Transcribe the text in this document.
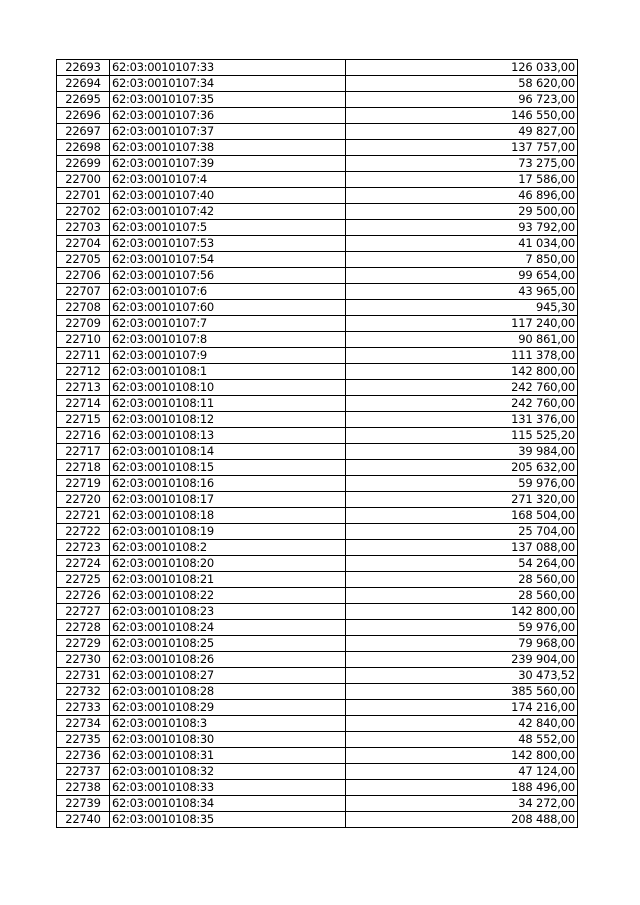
22693	62:03:0010107:33	126 033,00
22694	62:03:0010107:34	58 620,00
22695	62:03:0010107:35	96 723,00
22696	62:03:0010107:36	146 550,00
22697	62:03:0010107:37	49 827,00
22698	62:03:0010107:38	137 757,00
22699	62:03:0010107:39	73 275,00
22700	62:03:0010107:4	17 586,00
22701	62:03:0010107:40	46 896,00
22702	62:03:0010107:42	29 500,00
22703	62:03:0010107:5	93 792,00
22704	62:03:0010107:53	41 034,00
22705	62:03:0010107:54	7 850,00
22706	62:03:0010107:56	99 654,00
22707	62:03:0010107:6	43 965,00
22708	62:03:0010107:60	945,30
22709	62:03:0010107:7	117 240,00
22710	62:03:0010107:8	90 861,00
22711	62:03:0010107:9	111 378,00
22712	62:03:0010108:1	142 800,00
22713	62:03:0010108:10	242 760,00
22714	62:03:0010108:11	242 760,00
22715	62:03:0010108:12	131 376,00
22716	62:03:0010108:13	115 525,20
22717	62:03:0010108:14	39 984,00
22718	62:03:0010108:15	205 632,00
22719	62:03:0010108:16	59 976,00
22720	62:03:0010108:17	271 320,00
22721	62:03:0010108:18	168 504,00
22722	62:03:0010108:19	25 704,00
22723	62:03:0010108:2	137 088,00
22724	62:03:0010108:20	54 264,00
22725	62:03:0010108:21	28 560,00
22726	62:03:0010108:22	28 560,00
22727	62:03:0010108:23	142 800,00
22728	62:03:0010108:24	59 976,00
22729	62:03:0010108:25	79 968,00
22730	62:03:0010108:26	239 904,00
22731	62:03:0010108:27	30 473,52
22732	62:03:0010108:28	385 560,00
22733	62:03:0010108:29	174 216,00
22734	62:03:0010108:3	42 840,00
22735	62:03:0010108:30	48 552,00
22736	62:03:0010108:31	142 800,00
22737	62:03:0010108:32	47 124,00
22738	62:03:0010108:33	188 496,00
22739	62:03:0010108:34	34 272,00
22740	62:03:0010108:35	208 488,00
